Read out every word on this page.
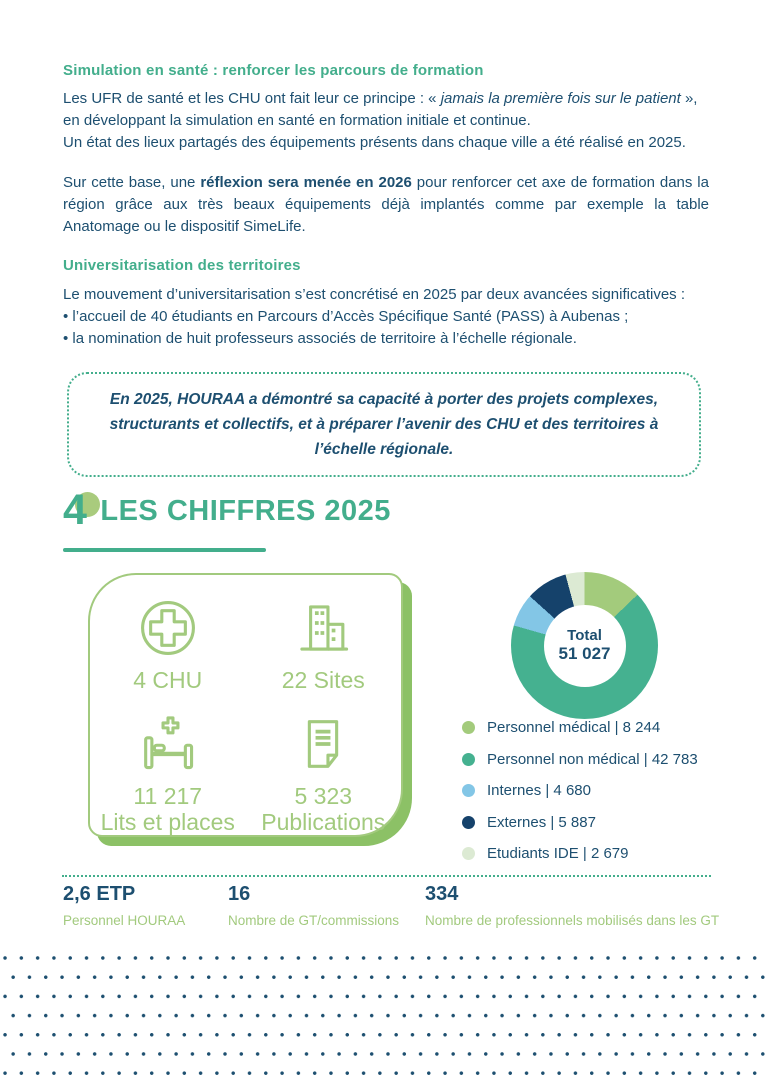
Simulation en santé : renforcer les parcours de formation
Les UFR de santé et les CHU ont fait leur ce principe : « jamais la première fois sur le patient »,
en développant la simulation en santé en formation initiale et continue.
Un état des lieux partagés des équipements présents dans chaque ville a été réalisé en 2025.
Sur cette base, une réflexion sera menée en 2026 pour renforcer cet axe de formation dans la région grâce aux très beaux équipements déjà implantés comme par exemple la table Anatomage ou le dispositif SimeLife.
Universitarisation des territoires
Le mouvement d’universitarisation s’est concrétisé en 2025 par deux avancées significatives :
• l’accueil de 40 étudiants en Parcours d’Accès Spécifique Santé (PASS) à Aubenas ;
• la nomination de huit professeurs associés de territoire à l’échelle régionale.
En 2025, HOURAA a démontré sa capacité à porter des projets complexes, structurants et collectifs, et à préparer l’avenir des CHU et des territoires à l’échelle régionale.
4 LES CHIFFRES 2025
4 CHU	22 Sites
11 217
Lits et places
5 323
Publications
Total
51 027
Personnel médical | 8 244
Personnel non médical | 42 783
Internes | 4 680
Externes | 5 887
Etudiants IDE | 2 679
2,6 ETP
Personnel HOURAA
16
Nombre de GT/commissions
334
Nombre de professionnels mobilisés dans les GT
